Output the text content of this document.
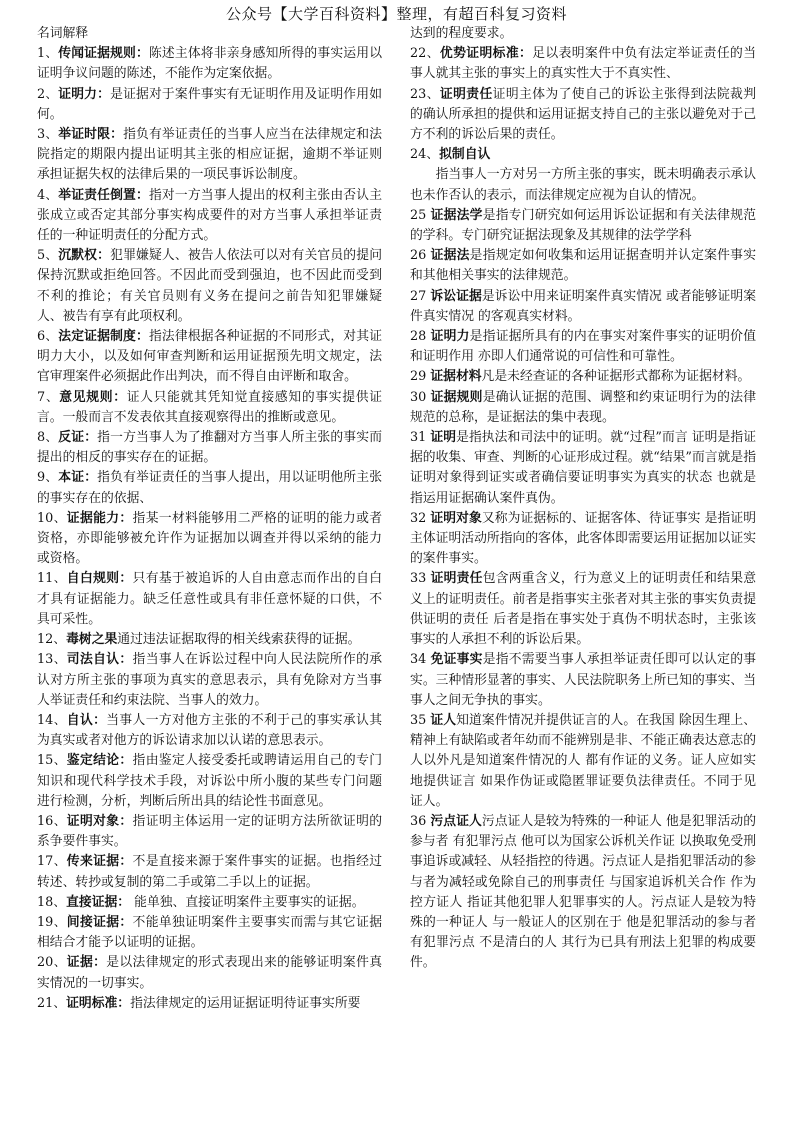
公众号【大学百科资料】整理，有超百科复习资料

名词解释

1、传闻证据规则：陈述主体将非亲身感知所得的事实运用以证明争议问题的陈述，不能作为定案依据。

2、证明力：是证据对于案件事实有无证明作用及证明作用如何。

3、举证时限：指负有举证责任的当事人应当在法律规定和法院指定的期限内提出证明其主张的相应证据，逾期不举证则承担证据失权的法律后果的一项民事诉讼制度。

4、举证责任倒置：指对一方当事人提出的权利主张由否认主张成立或否定其部分事实构成要件的对方当事人承担举证责任的一种证明责任的分配方式。

5、沉默权：犯罪嫌疑人、被告人依法可以对有关官员的提问保持沉默或拒绝回答。不因此而受到强迫，也不因此而受到不利的推论；有关官员则有义务在提问之前告知犯罪嫌疑人、被告有享有此项权利。

6、法定证据制度：指法律根据各种证据的不同形式，对其证明力大小，以及如何审查判断和运用证据预先明文规定，法官审理案件必须据此作出判决，而不得自由评断和取舍。

7、意见规则：证人只能就其凭知觉直接感知的事实提供证言。一般而言不发表依其直接观察得出的推断或意见。

8、反证：指一方当事人为了推翻对方当事人所主张的事实而提出的相反的事实存在的证据。

9、本证：指负有举证责任的当事人提出，用以证明他所主张的事实存在的依据、

10、证据能力：指某一材料能够用二严格的证明的能力或者资格，亦即能够被允许作为证据加以调查并得以采纳的能力或资格。

11、自白规则：只有基于被追诉的人自由意志而作出的自白才具有证据能力。缺乏任意性或具有非任意怀疑的口供，不具可采性。

12、毒树之果通过违法证据取得的相关线索获得的证据。

13、司法自认：指当事人在诉讼过程中向人民法院所作的承认对方所主张的事项为真实的意思表示，具有免除对方当事人举证责任和约束法院、当事人的效力。

14、自认：当事人一方对他方主张的不利于己的事实承认其为真实或者对他方的诉讼请求加以认诺的意思表示。

15、鉴定结论：指由鉴定人接受委托或聘请运用自己的专门知识和现代科学技术手段，对诉讼中所小腹的某些专门问题进行检测，分析，判断后所出具的结论性书面意见。

16、证明对象：指证明主体运用一定的证明方法所欲证明的系争要件事实。

17、传来证据：不是直接来源于案件事实的证据。也指经过转述、转抄或复制的第二手或第二手以上的证据。

18、直接证据： 能单独、直接证明案件主要事实的证据。

19、间接证据：不能单独证明案件主要事实而需与其它证据相结合才能予以证明的证据。

20、证据：是以法律规定的形式表现出来的能够证明案件真实情况的一切事实。

21、证明标准：指法律规定的运用证据证明待证事实所要

达到的程度要求。

22、优势证明标准：足以表明案件中负有法定举证责任的当事人就其主张的事实上的真实性大于不真实性、

23、证明责任证明主体为了使自己的诉讼主张得到法院裁判的确认所承担的提供和运用证据支持自己的主张以避免对于己方不利的诉讼后果的责任。

24、拟制自认

指当事人一方对另一方所主张的事实，既未明确表示承认也未作否认的表示，而法律规定应视为自认的情况。

25 证据法学是指专门研究如何运用诉讼证据和有关法律规范的学科。专门研究证据法现象及其规律的法学学科

26 证据法是指规定如何收集和运用证据查明并认定案件事实和其他相关事实的法律规范。

27 诉讼证据是诉讼中用来证明案件真实情况 或者能够证明案件真实情况 的客观真实材料。

28 证明力是指证据所具有的内在事实对案件事实的证明价值和证明作用 亦即人们通常说的可信性和可靠性。

29 证据材料凡是未经查证的各种证据形式都称为证据材料。

30 证据规则是确认证据的范围、调整和约束证明行为的法律规范的总称，是证据法的集中表现。

31 证明是指执法和司法中的证明。就“过程”而言 证明是指证据的收集、审查、判断的心证形成过程。就“结果”而言就是指证明对象得到证实或者确信要证明事实为真实的状态 也就是指运用证据确认案件真伪。

32 证明对象又称为证据标的、证据客体、待证事实 是指证明主体证明活动所指向的客体，此客体即需要运用证据加以证实的案件事实。

33 证明责任包含两重含义，行为意义上的证明责任和结果意义上的证明责任。前者是指事实主张者对其主张的事实负责提供证明的责任 后者是指在事实处于真伪不明状态时，主张该事实的人承担不利的诉讼后果。

34 免证事实是指不需要当事人承担举证责任即可以认定的事实。三种情形显著的事实、人民法院职务上所已知的事实、当事人之间无争执的事实。

35 证人知道案件情况并提供证言的人。在我国 除因生理上、精神上有缺陷或者年幼而不能辨别是非、不能正确表达意志的人以外凡是知道案件情况的人 都有作证的义务。证人应如实地提供证言 如果作伪证或隐匿罪证要负法律责任。不同于见证人。

36 污点证人污点证人是较为特殊的一种证人 他是犯罪活动的参与者 有犯罪污点 他可以为国家公诉机关作证 以换取免受刑事追诉或减轻、从轻指控的待遇。污点证人是指犯罪活动的参与者为减轻或免除自己的刑事责任 与国家追诉机关合作 作为控方证人 指证其他犯罪人犯罪事实的人。污点证人是较为特殊的一种证人 与一般证人的区别在于 他是犯罪活动的参与者 有犯罪污点 不是清白的人 其行为已具有刑法上犯罪的构成要件。
